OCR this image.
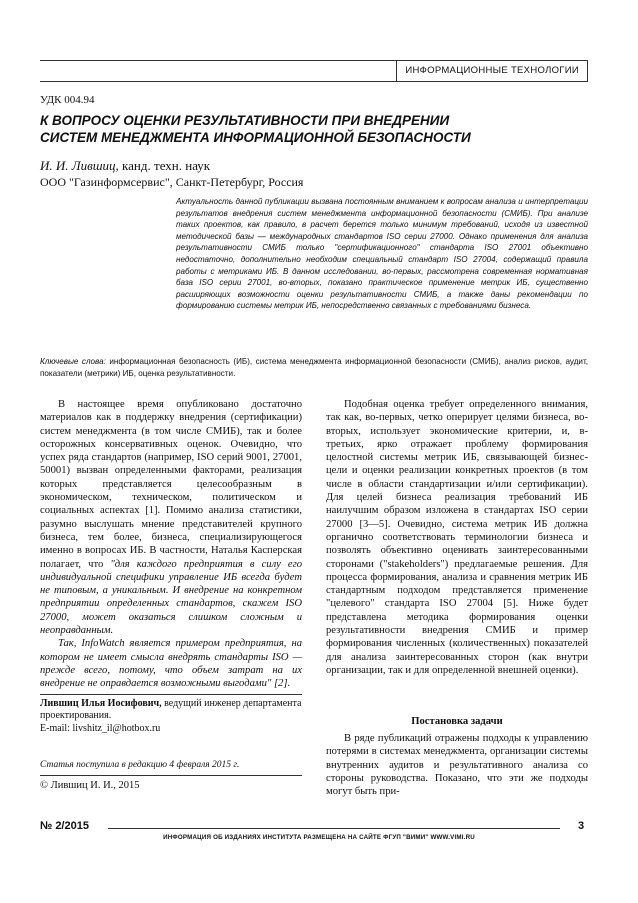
ИНФОРМАЦИОННЫЕ ТЕХНОЛОГИИ
УДК 004.94
К ВОПРОСУ ОЦЕНКИ РЕЗУЛЬТАТИВНОСТИ ПРИ ВНЕДРЕНИИ
СИСТЕМ МЕНЕДЖМЕНТА ИНФОРМАЦИОННОЙ БЕЗОПАСНОСТИ
И. И. Лившиц, канд. техн. наук
ООО "Газинформсервис", Санкт-Петербург, Россия
Актуальность данной публикации вызвана постоянным вниманием к вопросам анализа и интерпретации результатов внедрения систем менеджмента информационной безопасности (СМИБ). При анализе таких проектов, как правило, в расчет берется только минимум требований, исходя из известной методической базы — международных стандартов ISO серии 27000. Однако применения для анализа результативности СМИБ только "сертификационного" стандарта ISO 27001 объективно недостаточно, дополнительно необходим специальный стандарт ISO 27004, содержащий правила работы с метриками ИБ. В данном исследовании, во-первых, рассмотрена современная нормативная база ISO серии 27001, во-вторых, показано практическое применение метрик ИБ, существенно расширяющих возможности оценки результативности СМИБ, а также даны рекомендации по формированию системы метрик ИБ, непосредственно связанных с требованиями бизнеса.
Ключевые слова: информационная безопасность (ИБ), система менеджмента информационной безопасности (СМИБ), анализ рисков, аудит, показатели (метрики) ИБ, оценка результативности.

В настоящее время опубликовано достаточно материалов как в поддержку внедрения (сертификации) систем менеджмента (в том числе СМИБ), так и более осторожных консервативных оценок. Очевидно, что успех ряда стандартов (например, ISO серий 9001, 27001, 50001) вызван определенными факторами, реализация которых представляется целесообразным в экономическом, техническом, политическом и социальных аспектах [1]. Помимо анализа статистики, разумно выслушать мнение представителей крупного бизнеса, тем более, бизнеса, специализирующегося именно в вопросах ИБ. В частности, Наталья Касперская полагает, что "для каждого предприятия в силу его индивидуальной специфики управление ИБ всегда будет не типовым, а уникальным. И внедрение на конкретном предприятии определенных стандартов, скажем ISO 27000, может оказаться слишком сложным и неоправданным.

Так, InfoWatch является примером предприятия, на котором не имеет смысла внедрять стандарты ISO — прежде всего, потому, что объем затрат на их внедрение не оправдается возможными выгодами" [2].

Лившиц Илья Иосифович, ведущий инженер департамента проектирования.
E-mail: livshitz_il@hotbox.ru
Статья поступила в редакцию 4 февраля 2015 г.
© Лившиц И. И., 2015

Подобная оценка требует определенного внимания, так как, во-первых, четко оперирует целями бизнеса, во-вторых, использует экономические критерии, и, в-третьих, ярко отражает проблему формирования целостной системы метрик ИБ, связывающей бизнес-цели и оценки реализации конкретных проектов (в том числе в области стандартизации и/или сертификации). Для целей бизнеса реализация требований ИБ наилучшим образом изложена в стандартах ISO серии 27000 [3—5]. Очевидно, система метрик ИБ должна органично соответствовать терминологии бизнеса и позволять объективно оценивать заинтересованными сторонами ("stakeholders") предлагаемые решения. Для процесса формирования, анализа и сравнения метрик ИБ стандартным подходом представляется применение "целевого" стандарта ISO 27004 [5]. Ниже будет представлена методика формирования оценки результативности внедрения СМИБ и пример формирования численных (количественных) показателей для анализа заинтересованных сторон (как внутри организации, так и для определенной внешней оценки).

Постановка задачи

В ряде публикаций отражены подходы к управлению потерями в системах менеджмента, организации системы внутренних аудитов и результативного анализа со стороны руководства. Показано, что эти же подходы могут быть при-

№ 2/2015	3
ИНФОРМАЦИЯ ОБ ИЗДАНИЯХ ИНСТИТУТА РАЗМЕЩЕНА НА САЙТЕ ФГУП "ВИМИ" WWW.VIMI.RU
